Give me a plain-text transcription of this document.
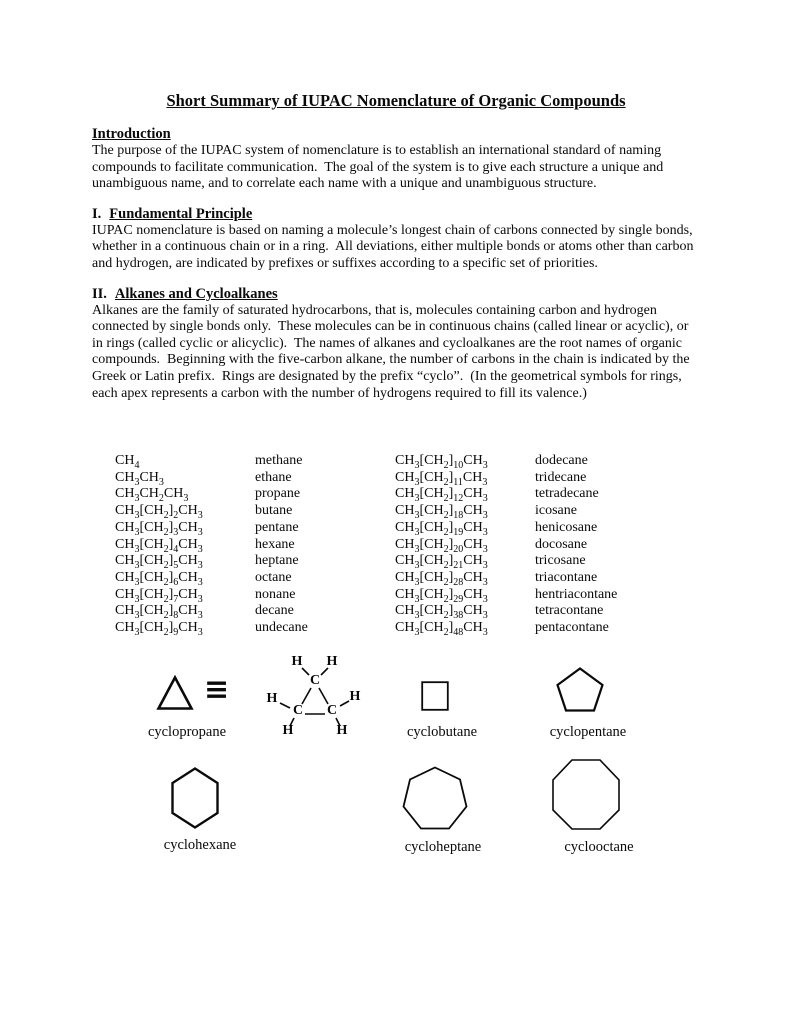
Short Summary of IUPAC Nomenclature of Organic Compounds
Introduction

The purpose of the IUPAC system of nomenclature is to establish an international standard of naming compounds to facilitate communication.  The goal of the system is to give each structure a unique and unambiguous name, and to correlate each name with a unique and unambiguous structure.

I. Fundamental Principle

IUPAC nomenclature is based on naming a molecule’s longest chain of carbons connected by single bonds, whether in a continuous chain or in a ring.  All deviations, either multiple bonds or atoms other than carbon and hydrogen, are indicated by prefixes or suffixes according to a specific set of priorities.

II. Alkanes and Cycloalkanes

Alkanes are the family of saturated hydrocarbons, that is, molecules containing carbon and hydrogen connected by single bonds only.  These molecules can be in continuous chains (called linear or acyclic), or in rings (called cyclic or alicyclic).  The names of alkanes and cycloalkanes are the root names of organic compounds.  Beginning with the five-carbon alkane, the number of carbons in the chain is indicated by the Greek or Latin prefix.  Rings are designated by the prefix “cyclo”.  (In the geometrical symbols for rings, each apex represents a carbon with the number of hydrogens required to fill its valence.)

$CH_4$	methane	$CH_3[CH_2]_{10}CH_3$	dodecane
$CH_3CH_3$	ethane	$CH_3[CH_2]_{11}CH_3$	tridecane
$CH_3CH_2CH_3$	propane	$CH_3[CH_2]_{12}CH_3$	tetradecane
$CH_3[CH_2]_2CH_3$	butane	$CH_3[CH_2]_{18}CH_3$	icosane
$CH_3[CH_2]_3CH_3$	pentane	$CH_3[CH_2]_{19}CH_3$	henicosane
$CH_3[CH_2]_4CH_3$	hexane	$CH_3[CH_2]_{20}CH_3$	docosane
$CH_3[CH_2]_5CH_3$	heptane	$CH_3[CH_2]_{21}CH_3$	tricosane
$CH_3[CH_2]_6CH_3$	octane	$CH_3[CH_2]_{28}CH_3$	triacontane
$CH_3[CH_2]_7CH_3$	nonane	$CH_3[CH_2]_{29}CH_3$	hentriacontane
$CH_3[CH_2]_8CH_3$	decane	$CH_3[CH_2]_{38}CH_3$	tetracontane
$CH_3[CH_2]_9CH_3$	undecane	$CH_3[CH_2]_{48}CH_3$	pentacontane
≡
H H
C
H
C C
H
H	H
cyclopropane	cyclobutane	cyclopentane
cyclohexane	cycloheptane	cyclooctane
